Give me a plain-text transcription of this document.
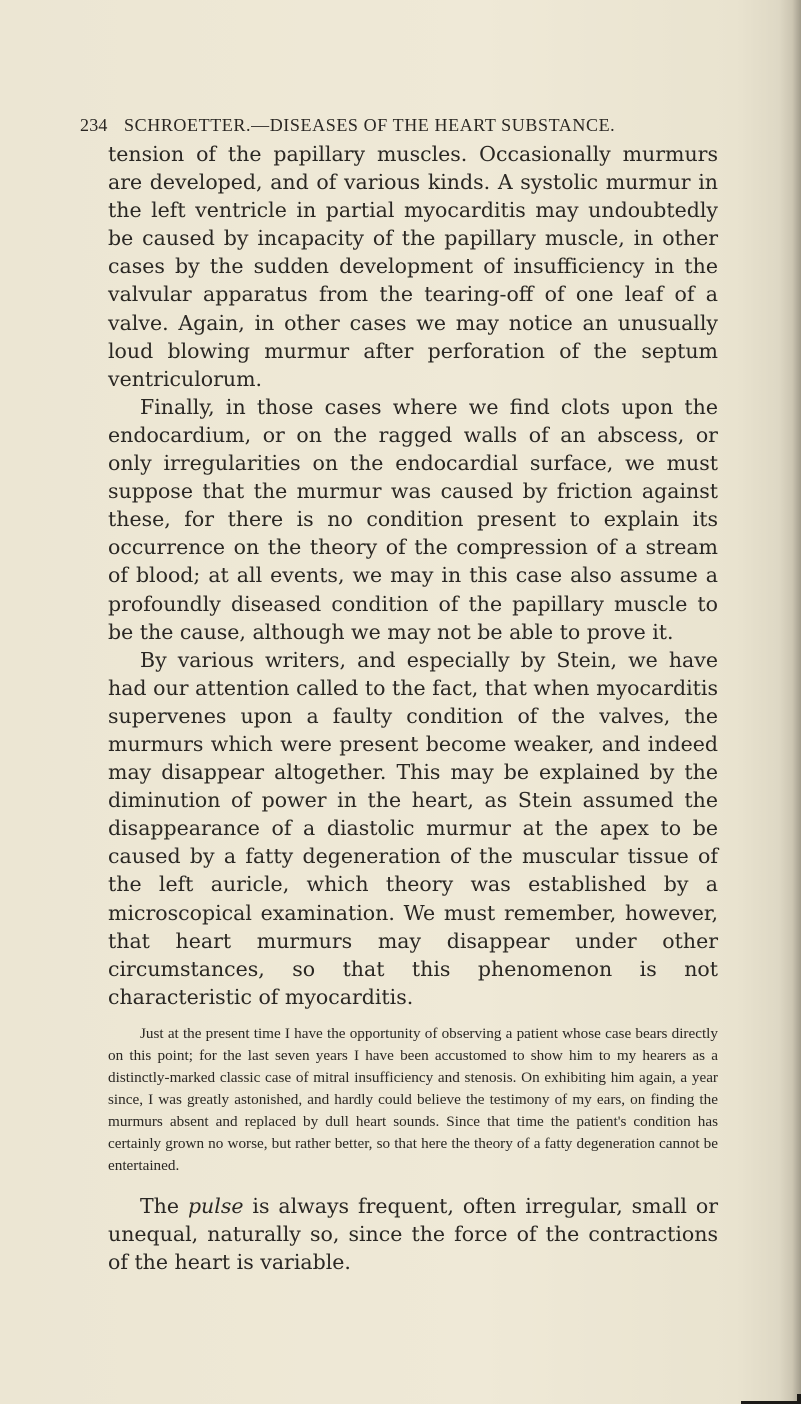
234 SCHROETTER.—DISEASES OF THE HEART SUBSTANCE.

tension of the papillary muscles. Occasionally murmurs are developed, and of various kinds. A systolic murmur in the left ventricle in partial myocarditis may undoubtedly be caused by incapacity of the papillary muscle, in other cases by the sudden development of insufficiency in the valvular apparatus from the tearing-off of one leaf of a valve. Again, in other cases we may notice an unusually loud blowing murmur after perforation of the septum ventriculorum.

Finally, in those cases where we find clots upon the endocardium, or on the ragged walls of an abscess, or only irregularities on the endocardial surface, we must suppose that the murmur was caused by friction against these, for there is no condition present to explain its occurrence on the theory of the compression of a stream of blood; at all events, we may in this case also assume a profoundly diseased condition of the papillary muscle to be the cause, although we may not be able to prove it.

By various writers, and especially by Stein, we have had our attention called to the fact, that when myocarditis supervenes upon a faulty condition of the valves, the murmurs which were present become weaker, and indeed may disappear altogether. This may be explained by the diminution of power in the heart, as Stein assumed the disappearance of a diastolic murmur at the apex to be caused by a fatty degeneration of the muscular tissue of the left auricle, which theory was established by a microscopical examination. We must remember, however, that heart murmurs may disappear under other circumstances, so that this phenomenon is not characteristic of myocarditis.

Just at the present time I have the opportunity of observing a patient whose case bears directly on this point; for the last seven years I have been accustomed to show him to my hearers as a distinctly-marked classic case of mitral insufficiency and stenosis. On exhibiting him again, a year since, I was greatly astonished, and hardly could believe the testimony of my ears, on finding the murmurs absent and replaced by dull heart sounds. Since that time the patient's condition has certainly grown no worse, but rather better, so that here the theory of a fatty degeneration cannot be entertained.

The pulse is always frequent, often irregular, small or unequal, naturally so, since the force of the contractions of the heart is variable.
